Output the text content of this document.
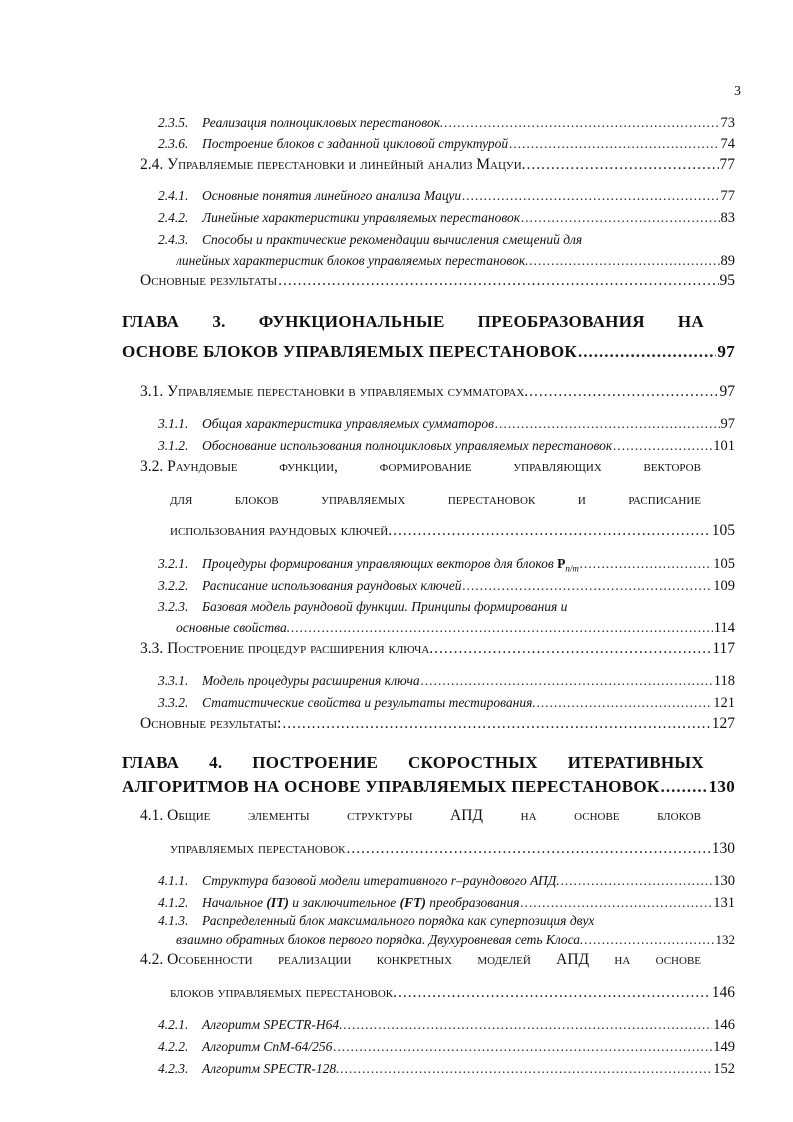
3
2.3.5. Реализация полноцикловых перестановок. .....	73
2.3.6. Построение блоков с заданной цикловой структурой .....	74
2.4. Управляемые перестановки и линейный анализ Мацуи. .....	77
2.4.1. Основные понятия линейного анализа Мацуи .....	77
2.4.2. Линейные характеристики управляемых перестановок .....	83
2.4.3. Способы и практические рекомендации вычисления смещений для
линейных характеристик блоков управляемых перестановок. .....	89
Основные результаты .....	95
ГЛАВА 3. ФУНКЦИОНАЛЬНЫЕ ПРЕОБРАЗОВАНИЯ НА
ОСНОВЕ БЛОКОВ УПРАВЛЯЕМЫХ ПЕРЕСТАНОВОК .....	97
3.1. Управляемые перестановки в управляемых сумматорах. .....	97
3.1.1. Общая характеристика управляемых сумматоров .....	97
3.1.2. Обоснование использования полноцикловых управляемых перестановок .....	101
3.2. Раундовые	функции,	формирование	управляющих	векторов
для	блоков	управляемых	перестановок	и	расписание
использования раундовых ключей. .....	105
3.2.1. Процедуры формирования управляющих векторов для блоков $P_{n/m}$ .....	105
3.2.2. Расписание использования раундовых ключей .....	109
3.2.3. Базовая модель раундовой функции. Принципы формирования и
основные свойства. .....	114
3.3. Построение процедур расширения ключа. .....	117
3.3.1. Модель процедуры расширения ключа .....	118
3.3.2. Статистические свойства и результаты тестирования. .....	121
Основные результаты: .....	127
ГЛАВА 4. ПОСТРОЕНИЕ СКОРОСТНЫХ ИТЕРАТИВНЫХ
АЛГОРИТМОВ НА ОСНОВЕ УПРАВЛЯЕМЫХ ПЕРЕСТАНОВОК .....	130
4.1. Общие элементы структуры АПД на основе блоков
управляемых перестановок .....	130
4.1.1. Структура базовой модели итеративного r–раундового АПД. .....	130
4.1.2. Начальное (IT) и заключительное (FT) преобразования .....	131
4.1.3. Распределенный блок максимального порядка как суперпозиция двух
взаимно обратных блоков первого порядка. Двухуровневая сеть Клоса. .....	132
4.2. Особенности реализации конкретных моделей АПД на основе
блоков управляемых перестановок. .....	146
4.2.1. Алгоритм SPECTR-H64. .....	146
4.2.2. Алгоритм СпМ-64/256 .....	149
4.2.3. Алгоритм SPECTR-128. .....	152
